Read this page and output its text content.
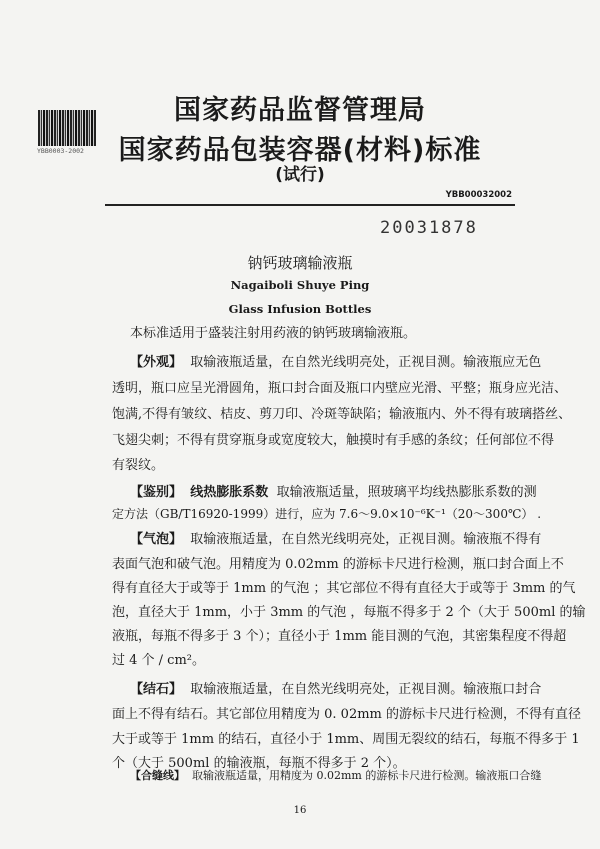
YBB0003-2002
国家药品监督管理局
国家药品包装容器(材料)标准
(试行)
YBB00032002
20031878
钠钙玻璃输液瓶
Nagaiboli Shuye Ping
Glass Infusion Bottles
本标准适用于盛装注射用药液的钠钙玻璃输液瓶。
【外观】 取输液瓶适量，在自然光线明亮处，正视目测。输液瓶应无色
透明，瓶口应呈光滑圆角，瓶口封合面及瓶口内壁应光滑、平整；瓶身应光洁、
饱满,不得有皱纹、桔皮、剪刀印、冷斑等缺陷；输液瓶内、外不得有玻璃搭丝、
飞翅尖刺；不得有贯穿瓶身或宽度较大，触摸时有手感的条纹；任何部位不得
有裂纹。
【鉴别】 线热膨胀系数 取输液瓶适量，照玻璃平均线热膨胀系数的测
定方法（GB/T16920-1999）进行，应为 7.6～9.0×10⁻⁶K⁻¹（20～300℃） .
【气泡】 取输液瓶适量，在自然光线明亮处，正视目测。输液瓶不得有
表面气泡和破气泡。用精度为 0.02mm 的游标卡尺进行检测，瓶口封合面上不
得有直径大于或等于 1mm 的气泡 ；其它部位不得有直径大于或等于 3mm 的气
泡，直径大于 1mm，小于 3mm 的气泡 ，每瓶不得多于 2 个（大于 500ml 的输
液瓶，每瓶不得多于 3 个）；直径小于 1mm 能目测的气泡，其密集程度不得超
过 4 个 / cm²。
【结石】 取输液瓶适量，在自然光线明亮处，正视目测。输液瓶口封合
面上不得有结石。其它部位用精度为 0. 02mm 的游标卡尺进行检测，不得有直径
大于或等于 1mm 的结石，直径小于 1mm、周围无裂纹的结石，每瓶不得多于 1
个（大于 500ml 的输液瓶，每瓶不得多于 2 个）。
【合缝线】 取输液瓶适量，用精度为 0.02mm 的游标卡尺进行检测。输液瓶口合缝
16
